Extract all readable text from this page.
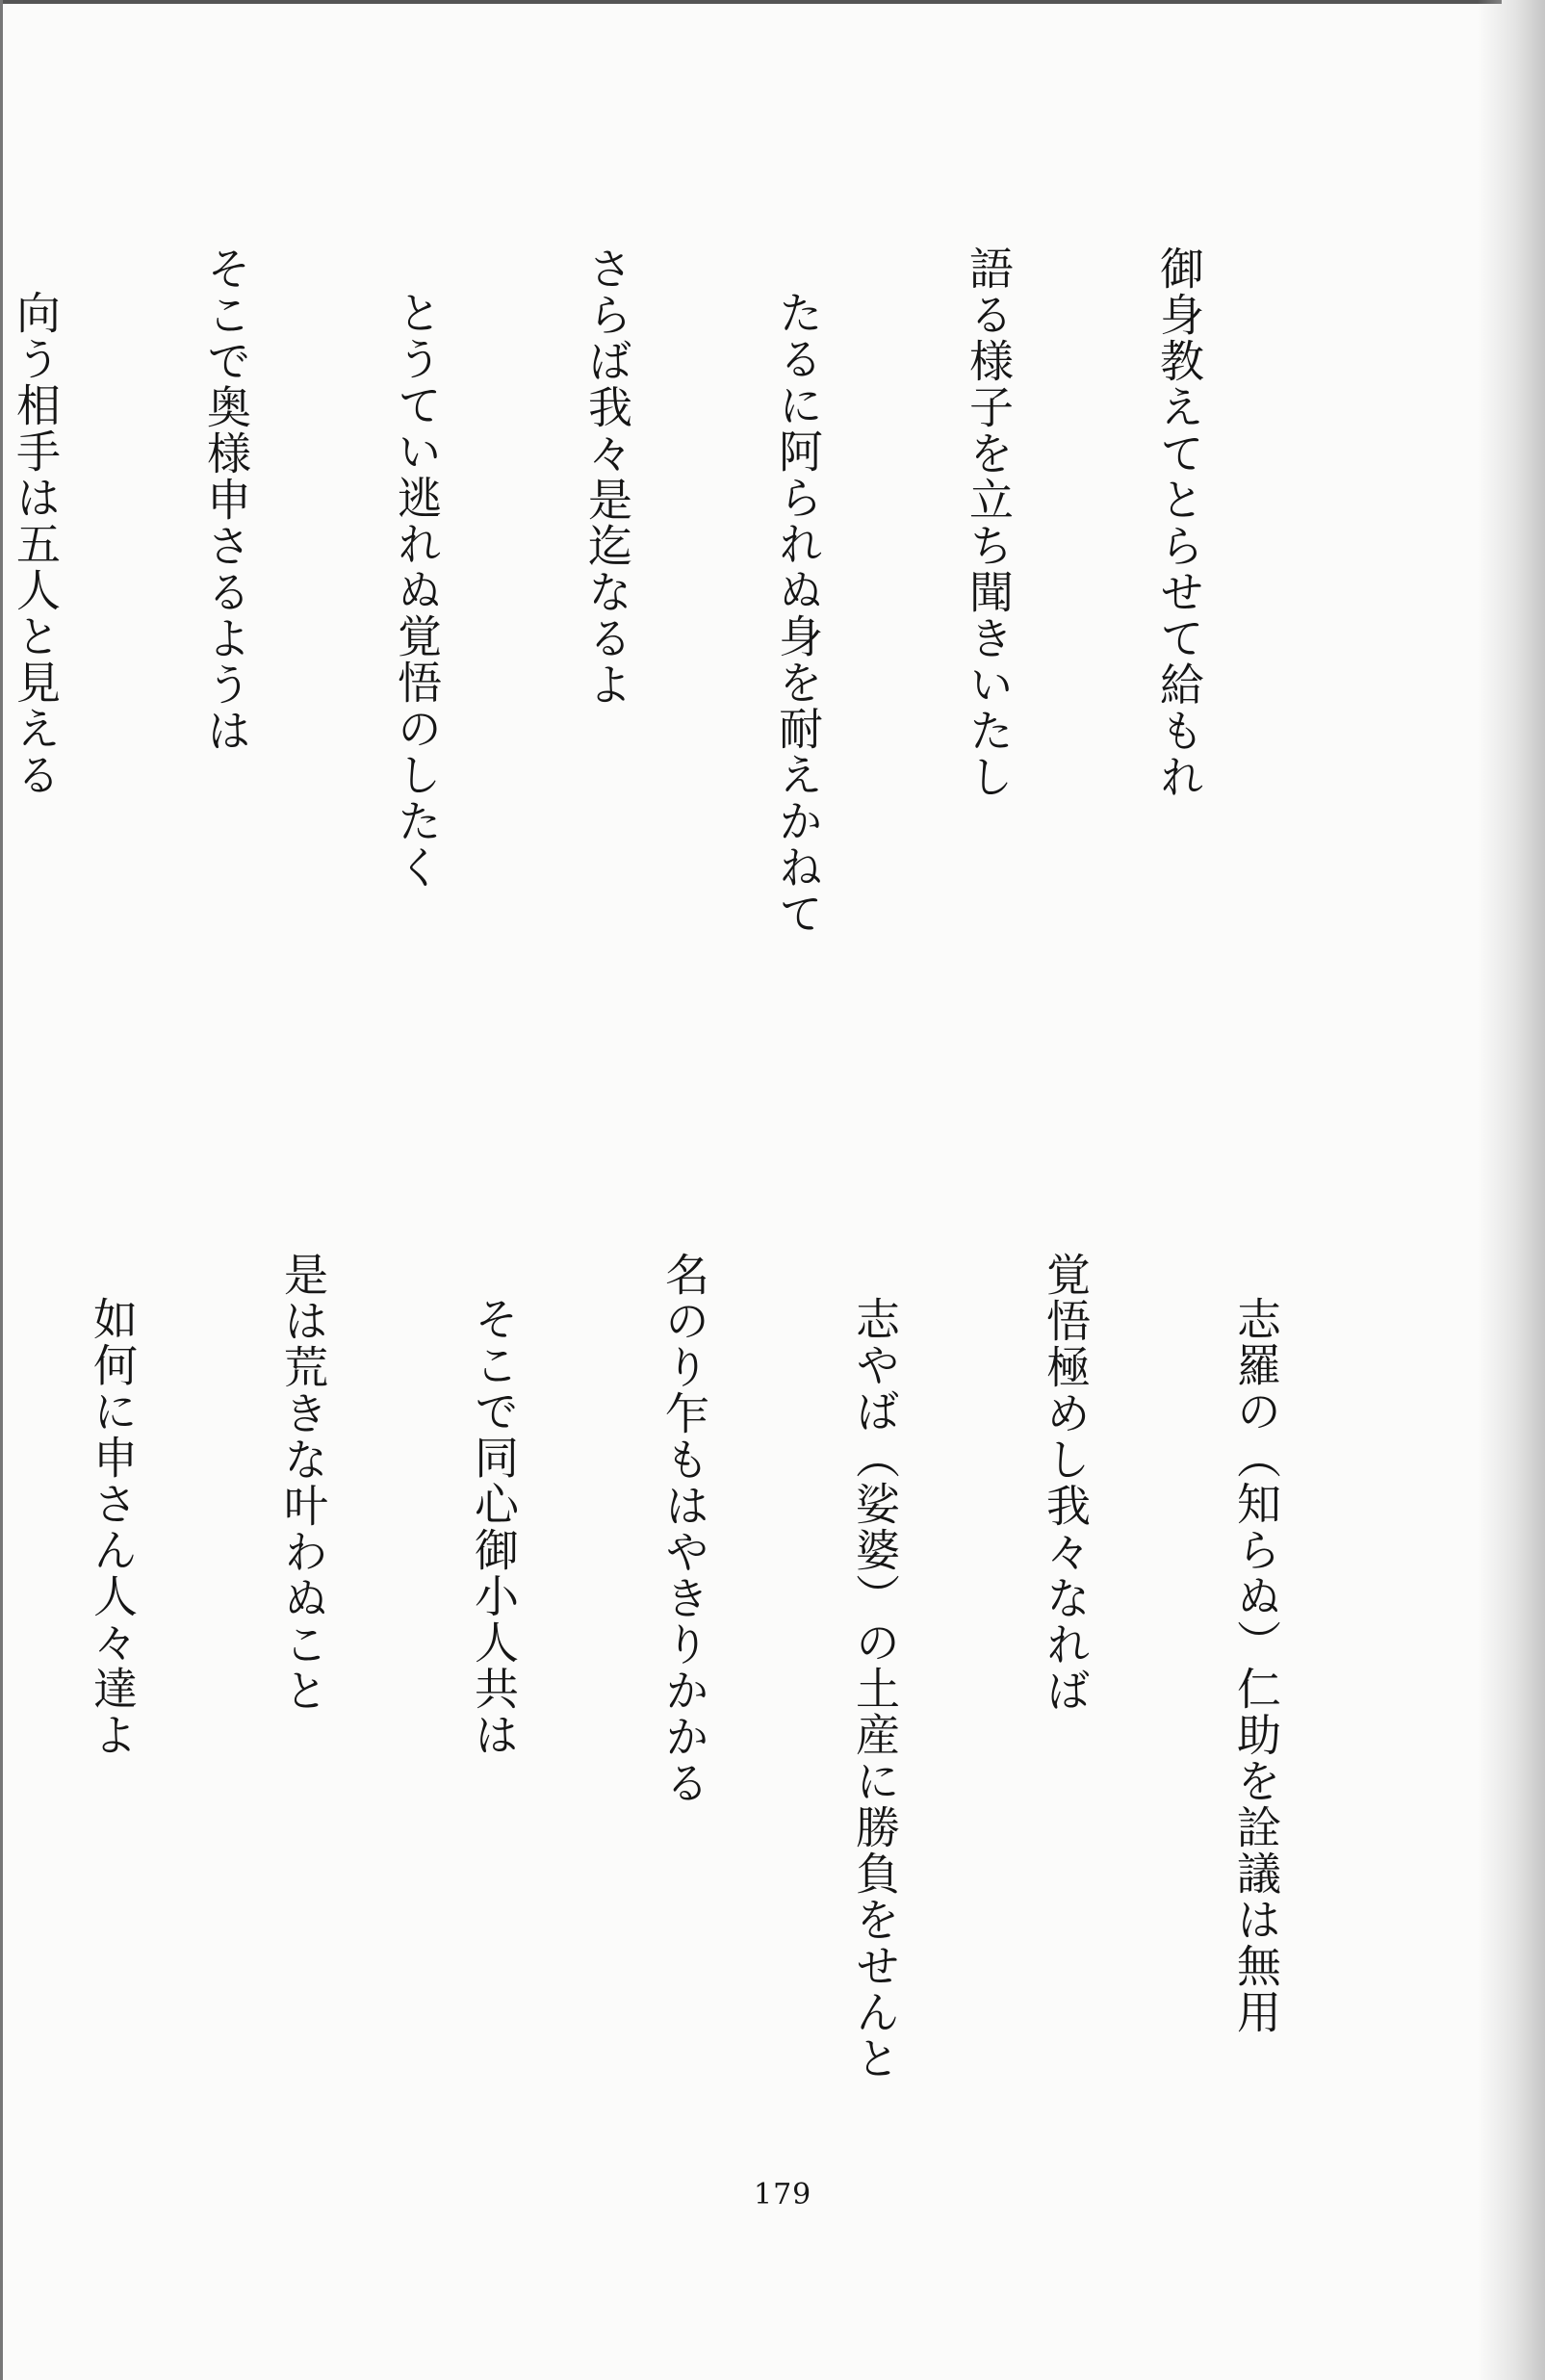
御身教えてとらせて給もれ

語る様子を立ち聞きいたし

たるに阿られぬ身を耐えかねて

さらば我々是迄なるよ

とうてい逃れぬ覚悟のしたく

そこで奥様申さるようは

向う相手は五人と見える

志羅の（知らぬ）仁助を詮議は無用

覚悟極めし我々なれば

志やば（娑婆）の土産に勝負をせんと

名のり乍もはやきりかかる

そこで同心御小人共は

是は荒きな叶わぬこと

如何に申さん人々達よ

179
